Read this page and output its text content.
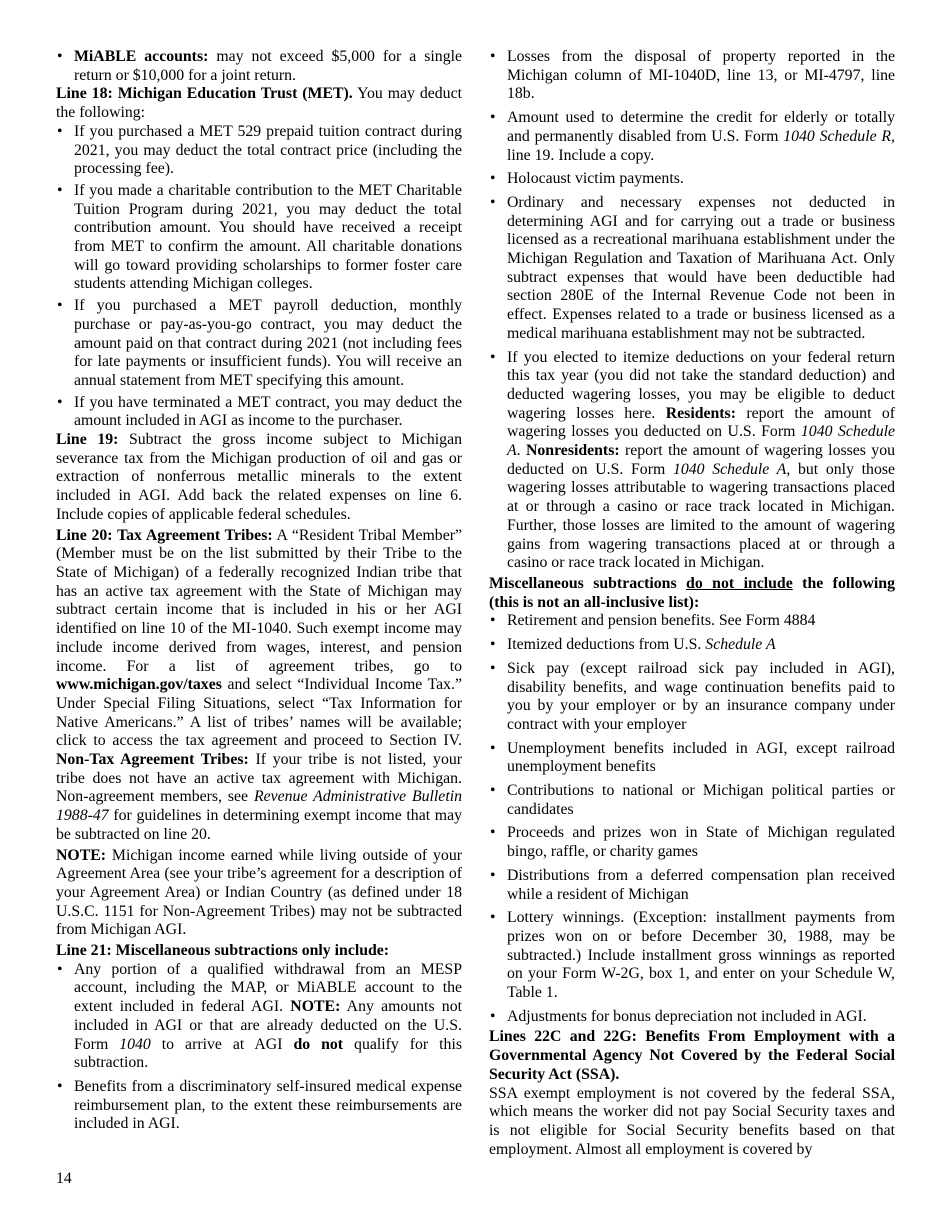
• MiABLE accounts: may not exceed $5,000 for a single return or $10,000 for a joint return.

Line 18: Michigan Education Trust (MET). You may deduct the following:

• If you purchased a MET 529 prepaid tuition contract during 2021, you may deduct the total contract price (including the processing fee).
• If you made a charitable contribution to the MET Charitable Tuition Program during 2021, you may deduct the total contribution amount. You should have received a receipt from MET to confirm the amount. All charitable donations will go toward providing scholarships to former foster care students attending Michigan colleges.
• If you purchased a MET payroll deduction, monthly purchase or pay-as-you-go contract, you may deduct the amount paid on that contract during 2021 (not including fees for late payments or insufficient funds). You will receive an annual statement from MET specifying this amount.
• If you have terminated a MET contract, you may deduct the amount included in AGI as income to the purchaser.

Line 19: Subtract the gross income subject to Michigan severance tax from the Michigan production of oil and gas or extraction of nonferrous metallic minerals to the extent included in AGI. Add back the related expenses on line 6. Include copies of applicable federal schedules.

Line 20: Tax Agreement Tribes: A “Resident Tribal Member” (Member must be on the list submitted by their Tribe to the State of Michigan) of a federally recognized Indian tribe that has an active tax agreement with the State of Michigan may subtract certain income that is included in his or her AGI identified on line 10 of the MI-1040. Such exempt income may include income derived from wages, interest, and pension income. For a list of agreement tribes, go to www.michigan.gov/taxes and select “Individual Income Tax.” Under Special Filing Situations, select “Tax Information for Native Americans.” A list of tribes’ names will be available; click to access the tax agreement and proceed to Section IV. Non-Tax Agreement Tribes: If your tribe is not listed, your tribe does not have an active tax agreement with Michigan. Non-agreement members, see Revenue Administrative Bulletin 1988-47 for guidelines in determining exempt income that may be subtracted on line 20.

NOTE: Michigan income earned while living outside of your Agreement Area (see your tribe’s agreement for a description of your Agreement Area) or Indian Country (as defined under 18 U.S.C. 1151 for Non-Agreement Tribes) may not be subtracted from Michigan AGI.

Line 21: Miscellaneous subtractions only include:

• Any portion of a qualified withdrawal from an MESP account, including the MAP, or MiABLE account to the extent included in federal AGI. NOTE: Any amounts not included in AGI or that are already deducted on the U.S. Form 1040 to arrive at AGI do not qualify for this subtraction.
• Benefits from a discriminatory self-insured medical expense reimbursement plan, to the extent these reimbursements are included in AGI.
• Losses from the disposal of property reported in the Michigan column of MI-1040D, line 13, or MI-4797, line 18b.
• Amount used to determine the credit for elderly or totally and permanently disabled from U.S. Form 1040 Schedule R, line 19. Include a copy.
• Holocaust victim payments.
• Ordinary and necessary expenses not deducted in determining AGI and for carrying out a trade or business licensed as a recreational marihuana establishment under the Michigan Regulation and Taxation of Marihuana Act. Only subtract expenses that would have been deductible had section 280E of the Internal Revenue Code not been in effect. Expenses related to a trade or business licensed as a medical marihuana establishment may not be subtracted.
• If you elected to itemize deductions on your federal return this tax year (you did not take the standard deduction) and deducted wagering losses, you may be eligible to deduct wagering losses here. Residents: report the amount of wagering losses you deducted on U.S. Form 1040 Schedule A. Nonresidents: report the amount of wagering losses you deducted on U.S. Form 1040 Schedule A, but only those wagering losses attributable to wagering transactions placed at or through a casino or race track located in Michigan. Further, those losses are limited to the amount of wagering gains from wagering transactions placed at or through a casino or race track located in Michigan.

Miscellaneous subtractions do not include the following (this is not an all-inclusive list):

• Retirement and pension benefits. See Form 4884
• Itemized deductions from U.S. Schedule A
• Sick pay (except railroad sick pay included in AGI), disability benefits, and wage continuation benefits paid to you by your employer or by an insurance company under contract with your employer
• Unemployment benefits included in AGI, except railroad unemployment benefits
• Contributions to national or Michigan political parties or candidates
• Proceeds and prizes won in State of Michigan regulated bingo, raffle, or charity games
• Distributions from a deferred compensation plan received while a resident of Michigan
• Lottery winnings. (Exception: installment payments from prizes won on or before December 30, 1988, may be subtracted.) Include installment gross winnings as reported on your Form W-2G, box 1, and enter on your Schedule W, Table 1.
• Adjustments for bonus depreciation not included in AGI.

Lines 22C and 22G: Benefits From Employment with a Governmental Agency Not Covered by the Federal Social Security Act (SSA).

SSA exempt employment is not covered by the federal SSA, which means the worker did not pay Social Security taxes and is not eligible for Social Security benefits based on that employment. Almost all employment is covered by

14
